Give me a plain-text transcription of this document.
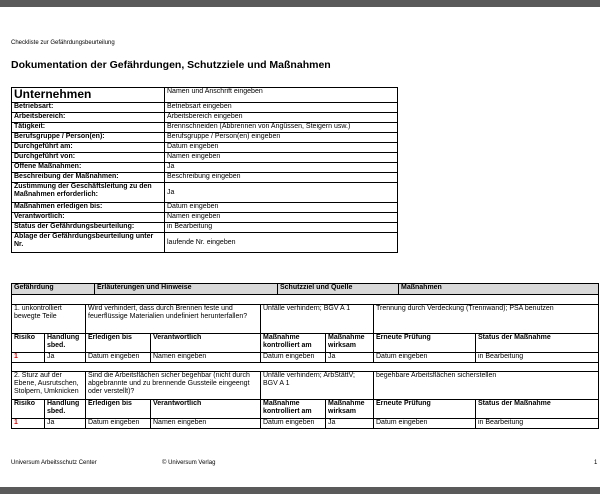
Checkliste zur Gefährdungsbeurteilung
Dokumentation der Gefährdungen, Schutzziele und Maßnahmen
Unternehmen	Namen und Anschrift eingeben
Betriebsart:	Betriebsart eingeben
Arbeitsbereich:	Arbeitsbereich eingeben
Tätigkeit:	Brennschneiden (Abbrennen von Angüssen, Steigern usw.)
Berufsgruppe / Person(en):	Berufsgruppe / Person(en) eingeben
Durchgeführt am:	Datum eingeben
Durchgeführt von:	Namen eingeben
Offene Maßnahmen:	Ja
Beschreibung der Maßnahmen:	Beschreibung eingeben
Zustimmung der Geschäftsleitung zu den Maßnahmen erforderlich:	Ja
Maßnahmen erledigen bis:	Datum eingeben
Verantwortlich:	Namen eingeben
Status der Gefährdungsbeurteilung:	in Bearbeitung
Ablage der Gefährdungsbeurteilung unter Nr.	laufende Nr. eingeben
Gefährdung	Erläuterungen und Hinweise	Schutzziel und Quelle	Maßnahmen
1. unkontrolliert bewegte Teile		Wird verhindert, dass durch Brennen feste und feuerflüssige Materialien undefiniert herunterfallen?		Unfälle verhindern; BGV A 1		Trennung durch Verdeckung (Trennwand); PSA benutzen	
Risiko	Handlung sbed.	Erledigen bis	Verantwortlich	Maßnahme kontrolliert am	Maßnahme wirksam	Erneute Prüfung	Status der Maßnahme
1	Ja	Datum eingeben	Namen eingeben	Datum eingeben	Ja	Datum eingeben	in Bearbeitung
2. Sturz auf der Ebene, Ausrutschen, Stolpern, Umknicken		Sind die Arbeitsflächen sicher begehbar (nicht durch abgebrannte und zu brennende Gussteile eingeengt oder verstellt)?		Unfälle verhindern; ArbStättV; BGV A 1		begehbare Arbeitsflächen sicherstellen	
Risiko	Handlung sbed.	Erledigen bis	Verantwortlich	Maßnahme kontrolliert am	Maßnahme wirksam	Erneute Prüfung	Status der Maßnahme
1	Ja	Datum eingeben	Namen eingeben	Datum eingeben	Ja	Datum eingeben	in Bearbeitung
Universum Arbeitsschutz Center	© Universum Verlag	1
